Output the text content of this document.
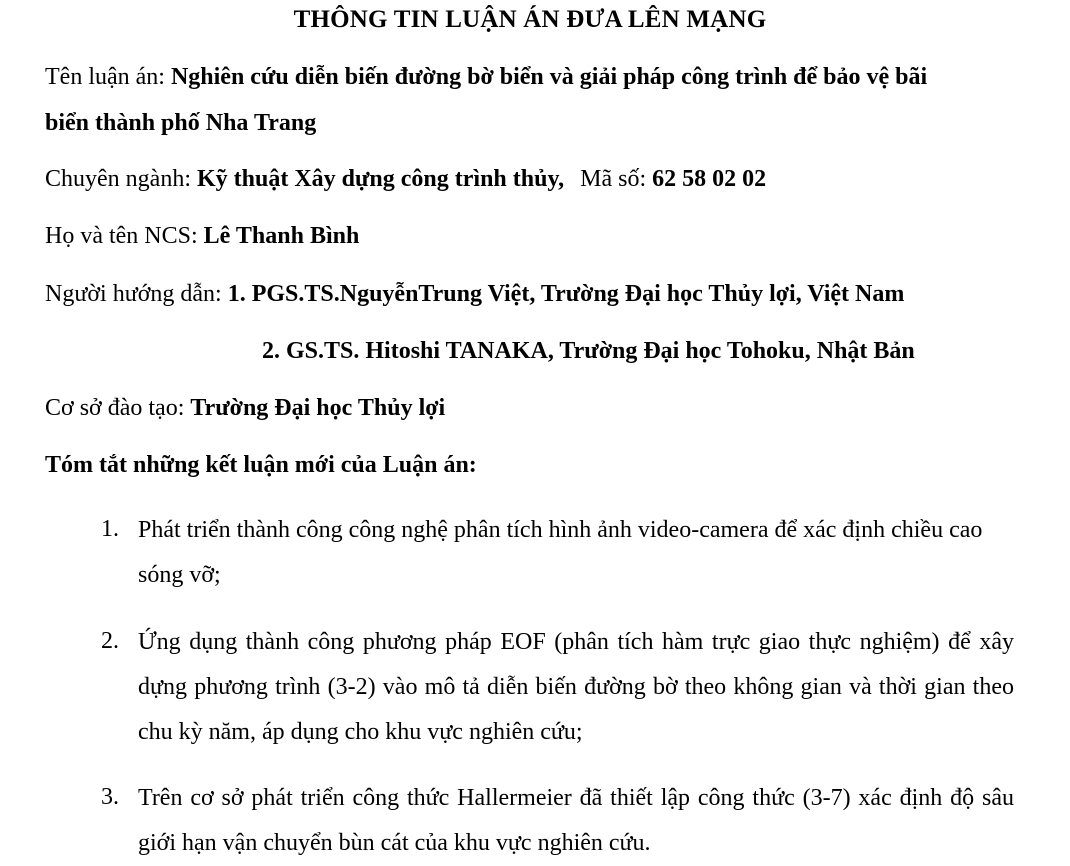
THÔNG TIN LUẬN ÁN ĐƯA LÊN MẠNG
Tên luận án: Nghiên cứu diễn biến đường bờ biển và giải pháp công trình để bảo vệ bãi
biển thành phố Nha Trang
Chuyên ngành: Kỹ thuật Xây dựng công trình thủy, Mã số: 62 58 02 02
Họ và tên NCS: Lê Thanh Bình
Người hướng dẫn: 1. PGS.TS.NguyễnTrung Việt, Trường Đại học Thủy lợi, Việt Nam
2. GS.TS. Hitoshi TANAKA, Trường Đại học Tohoku, Nhật Bản
Cơ sở đào tạo: Trường Đại học Thủy lợi
Tóm tắt những kết luận mới của Luận án:
1. Phát triển thành công công nghệ phân tích hình ảnh video-camera để xác định chiều cao sóng vỡ;
2. Ứng dụng thành công phương pháp EOF (phân tích hàm trực giao thực nghiệm) để xây dựng phương trình (3-2) vào mô tả diễn biến đường bờ theo không gian và thời gian theo chu kỳ năm, áp dụng cho khu vực nghiên cứu;
3. Trên cơ sở phát triển công thức Hallermeier đã thiết lập công thức (3-7) xác định độ sâu giới hạn vận chuyển bùn cát của khu vực nghiên cứu.
